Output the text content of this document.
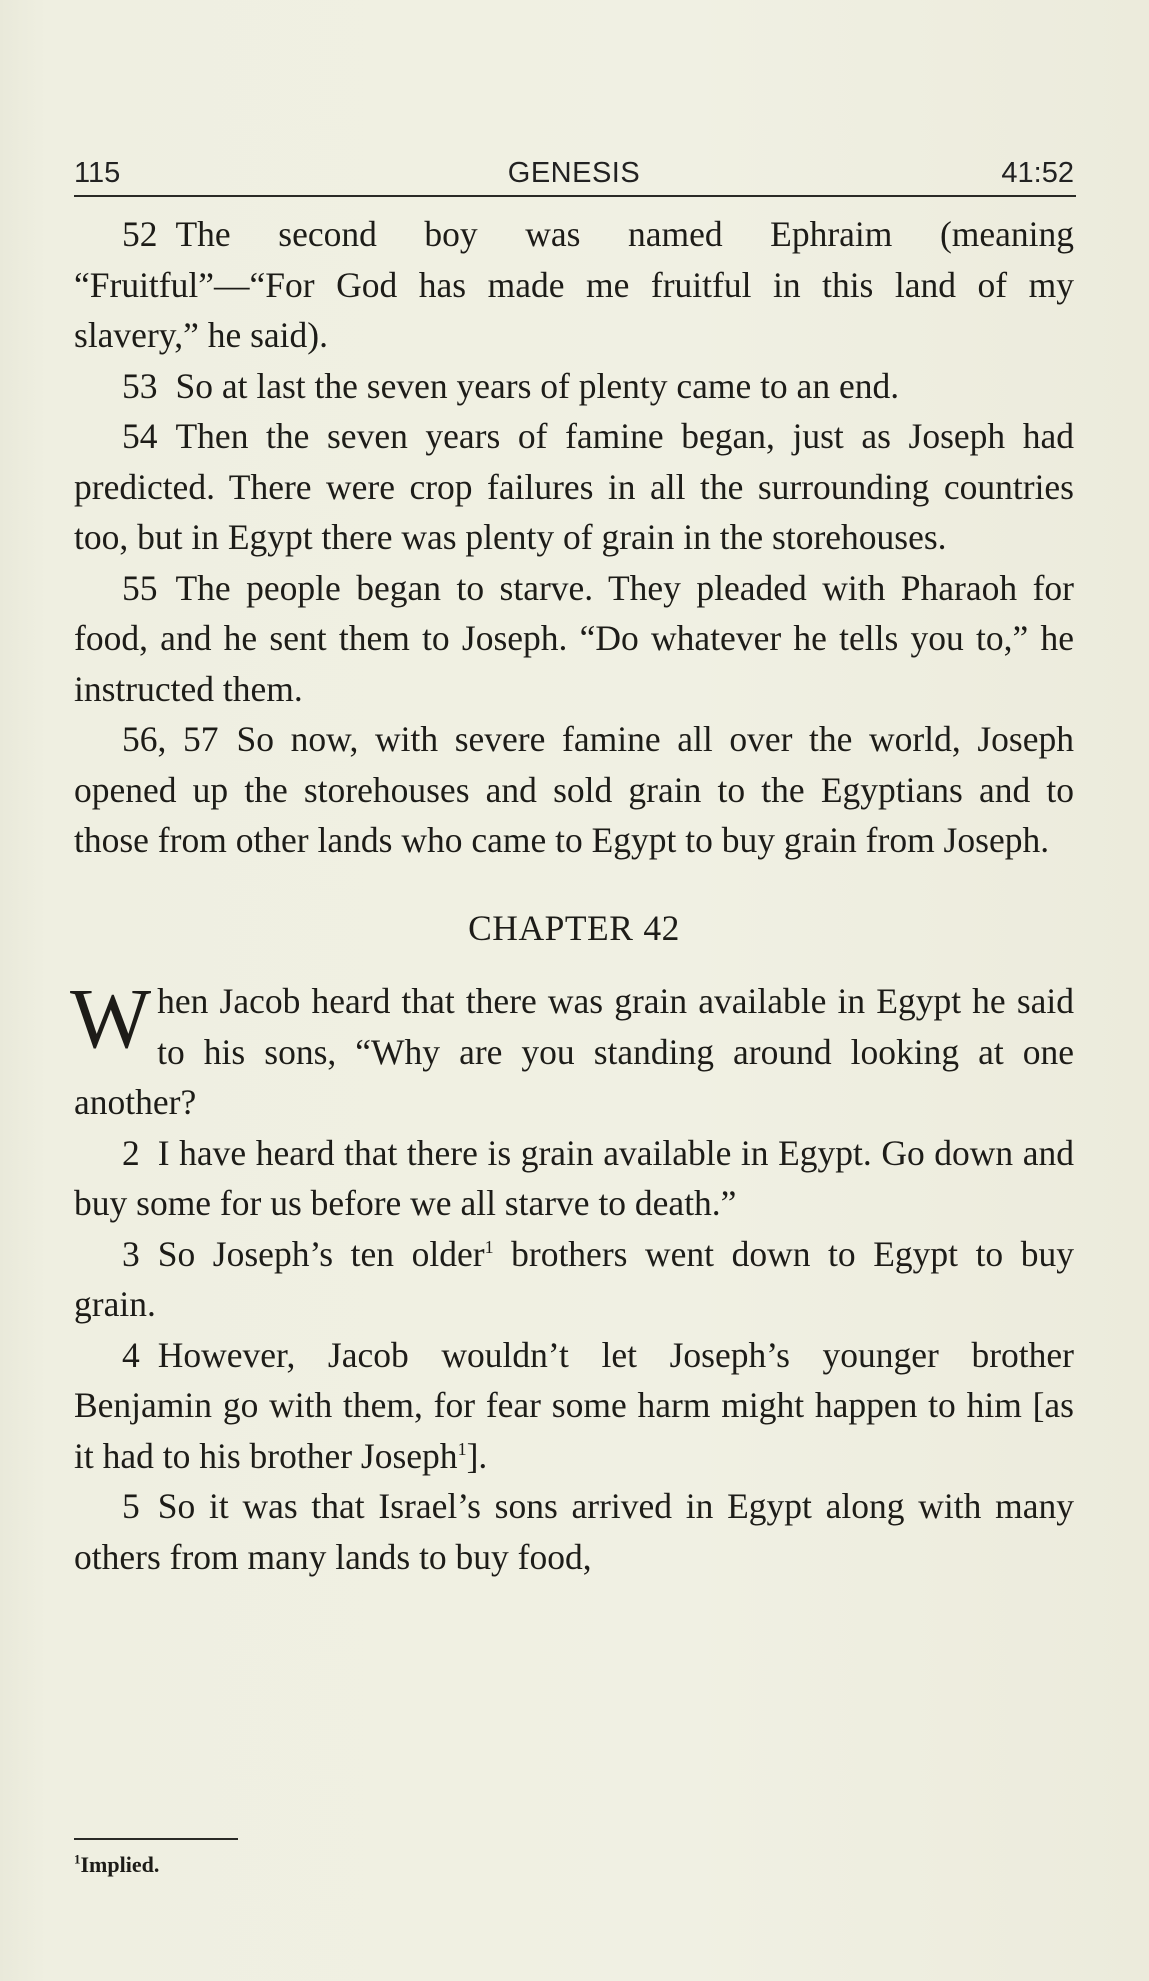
115	GENESIS	41:52

52 The second boy was named Ephraim (meaning “Fruitful”—“For God has made me fruitful in this land of my slavery,” he said).

53 So at last the seven years of plenty came to an end.

54 Then the seven years of famine began, just as Joseph had predicted. There were crop failures in all the surrounding countries too, but in Egypt there was plenty of grain in the storehouses.

55 The people began to starve. They pleaded with Pharaoh for food, and he sent them to Joseph. “Do whatever he tells you to,” he instructed them.

56, 57 So now, with severe famine all over the world, Joseph opened up the storehouses and sold grain to the Egyptians and to those from other lands who came to Egypt to buy grain from Joseph.

CHAPTER 42

When Jacob heard that there was grain available in Egypt he said to his sons, “Why are you standing around looking at one another?

2 I have heard that there is grain available in Egypt. Go down and buy some for us before we all starve to death.”

3 So Joseph’s ten older$^1$ brothers went down to Egypt to buy grain.

4 However, Jacob wouldn’t let Joseph’s younger brother Benjamin go with them, for fear some harm might happen to him [as it had to his brother Joseph$^1$].

5 So it was that Israel’s sons arrived in Egypt along with many others from many lands to buy food,

$^1$Implied.
